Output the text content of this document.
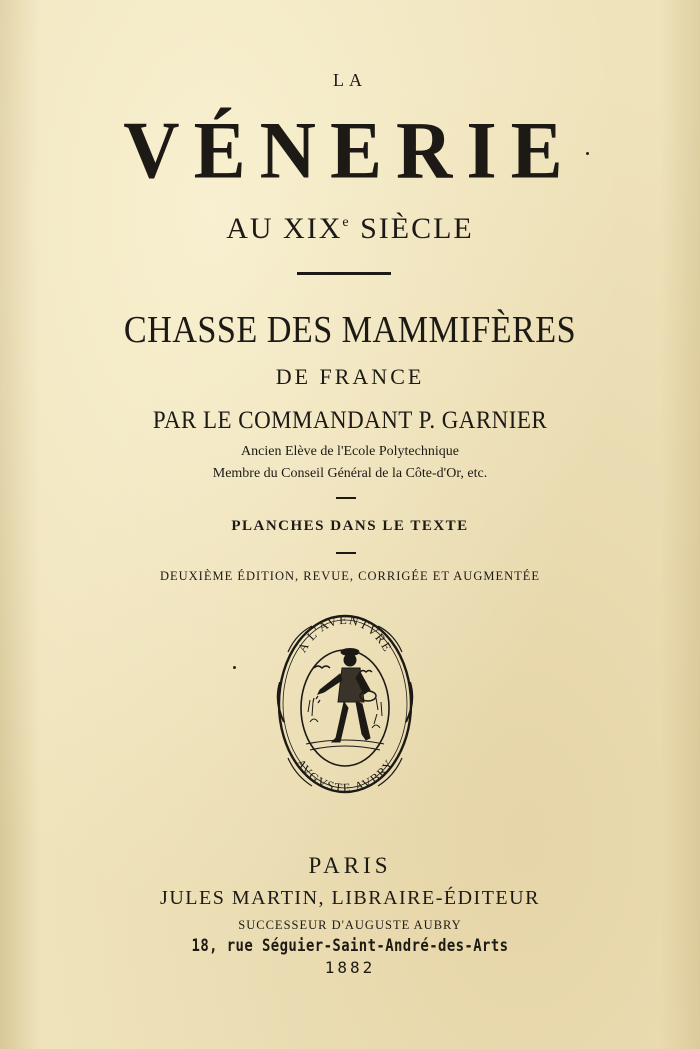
LA

VÉNERIE

AU XIXe SIÈCLE

CHASSE DES MAMMIFÈRES

DE FRANCE

PAR LE COMMANDANT P. GARNIER

Ancien Elève de l'Ecole Polytechnique

Membre du Conseil Général de la Côte-d'Or, etc.

PLANCHES DANS LE TEXTE

DEUXIÈME ÉDITION, REVUE, CORRIGÉE ET AUGMENTÉE

A L'AVENTVRE
AVGVSTE AVBRY

PARIS

JULES MARTIN, LIBRAIRE-ÉDITEUR

SUCCESSEUR D'AUGUSTE AUBRY

18, rue Séguier-Saint-André-des-Arts

1882
